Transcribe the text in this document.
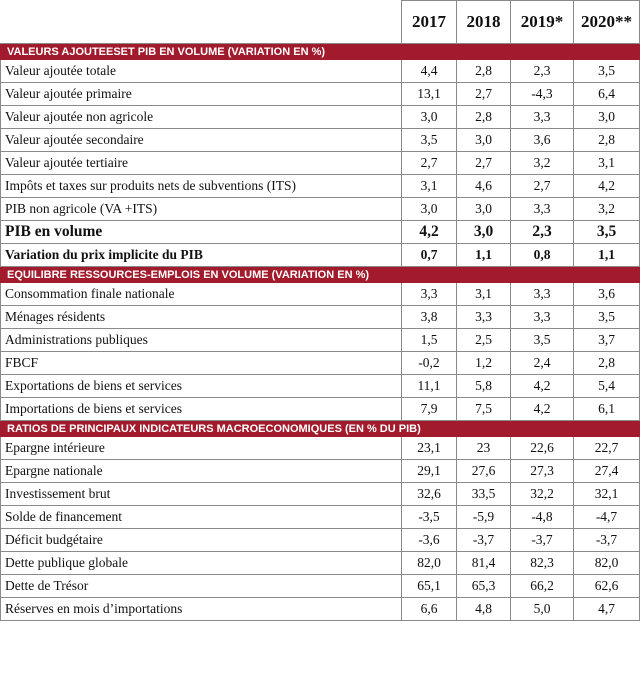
	2017	2018	2019*	2020**
VALEURS AJOUTEESET PIB EN VOLUME (VARIATION EN %)				
Valeur ajoutée totale	4,4	2,8	2,3	3,5
Valeur ajoutée primaire	13,1	2,7	-4,3	6,4
Valeur ajoutée non agricole	3,0	2,8	3,3	3,0
Valeur ajoutée secondaire	3,5	3,0	3,6	2,8
Valeur ajoutée tertiaire	2,7	2,7	3,2	3,1
Impôts et taxes sur produits nets de subventions (ITS)	3,1	4,6	2,7	4,2
PIB non agricole (VA +ITS)	3,0	3,0	3,3	3,2
PIB en volume	4,2	3,0	2,3	3,5
Variation du prix implicite du PIB	0,7	1,1	0,8	1,1
EQUILIBRE RESSOURCES-EMPLOIS EN VOLUME (VARIATION EN %)				
Consommation finale nationale	3,3	3,1	3,3	3,6
Ménages résidents	3,8	3,3	3,3	3,5
Administrations publiques	1,5	2,5	3,5	3,7
FBCF	-0,2	1,2	2,4	2,8
Exportations de biens et services	11,1	5,8	4,2	5,4
Importations de biens et services	7,9	7,5	4,2	6,1
RATIOS DE PRINCIPAUX INDICATEURS MACROECONOMIQUES (EN % DU PIB)				
Epargne intérieure	23,1	23	22,6	22,7
Epargne nationale	29,1	27,6	27,3	27,4
Investissement brut	32,6	33,5	32,2	32,1
Solde de financement	-3,5	-5,9	-4,8	-4,7
Déficit budgétaire	-3,6	-3,7	-3,7	-3,7
Dette publique globale	82,0	81,4	82,3	82,0
Dette de Trésor	65,1	65,3	66,2	62,6
Réserves en mois d’importations	6,6	4,8	5,0	4,7
